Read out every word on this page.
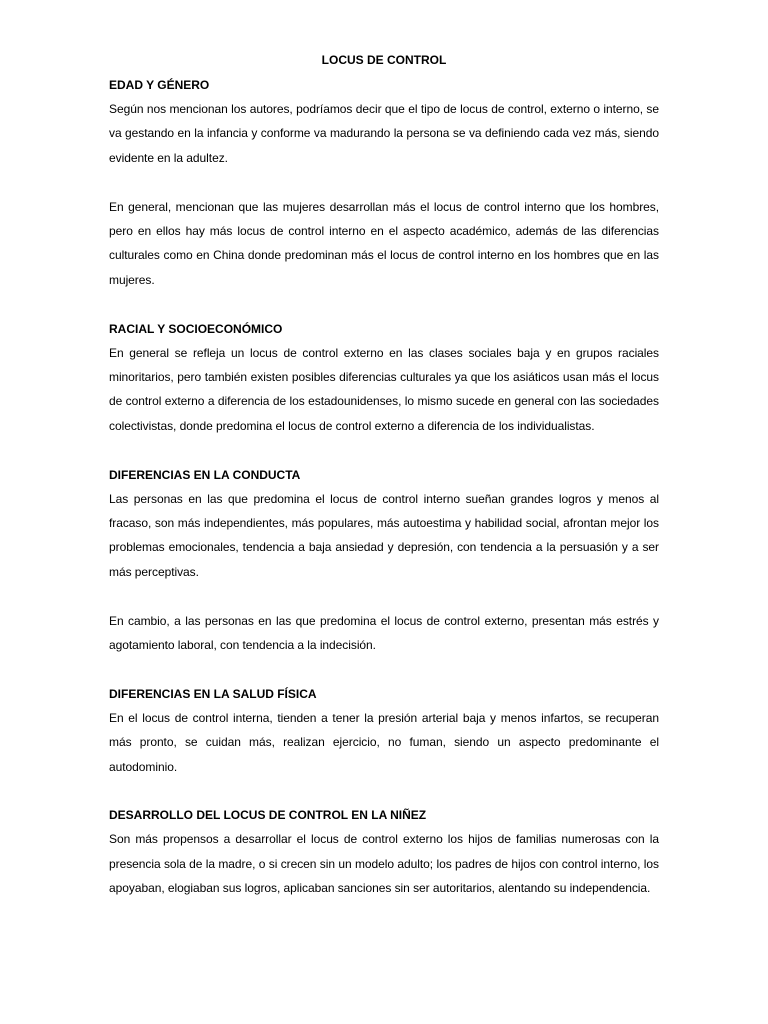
LOCUS DE CONTROL
EDAD Y GÉNERO

Según nos mencionan los autores, podríamos decir que el tipo de locus de control, externo o interno, se va gestando en la infancia y conforme va madurando la persona se va definiendo cada vez más, siendo evidente en la adultez.

En general, mencionan que las mujeres desarrollan más el locus de control interno que los hombres, pero en ellos hay más locus de control interno en el aspecto académico, además de las diferencias culturales como en China donde predominan más el locus de control interno en los hombres que en las mujeres.

RACIAL Y SOCIOECONÓMICO

En general se refleja un locus de control externo en las clases sociales baja y en grupos raciales minoritarios, pero también existen posibles diferencias culturales ya que los asiáticos usan más el locus de control externo a diferencia de los estadounidenses, lo mismo sucede en general con las sociedades colectivistas, donde predomina el locus de control externo a diferencia de los individualistas.

DIFERENCIAS EN LA CONDUCTA

Las personas en las que predomina el locus de control interno sueñan grandes logros y menos al fracaso, son más independientes, más populares, más autoestima y habilidad social, afrontan mejor los problemas emocionales, tendencia a baja ansiedad y depresión, con tendencia a la persuasión y a ser más perceptivas.

En cambio, a las personas en las que predomina el locus de control externo, presentan más estrés y agotamiento laboral, con tendencia a la indecisión.

DIFERENCIAS EN LA SALUD FÍSICA

En el locus de control interna, tienden a tener la presión arterial baja y menos infartos, se recuperan más pronto, se cuidan más, realizan ejercicio, no fuman, siendo un aspecto predominante el autodominio.

DESARROLLO DEL LOCUS DE CONTROL EN LA NIÑEZ

Son más propensos a desarrollar el locus de control externo los hijos de familias numerosas con la presencia sola de la madre, o si crecen sin un modelo adulto; los padres de hijos con control interno, los apoyaban, elogiaban sus logros, aplicaban sanciones sin ser autoritarios, alentando su independencia.
